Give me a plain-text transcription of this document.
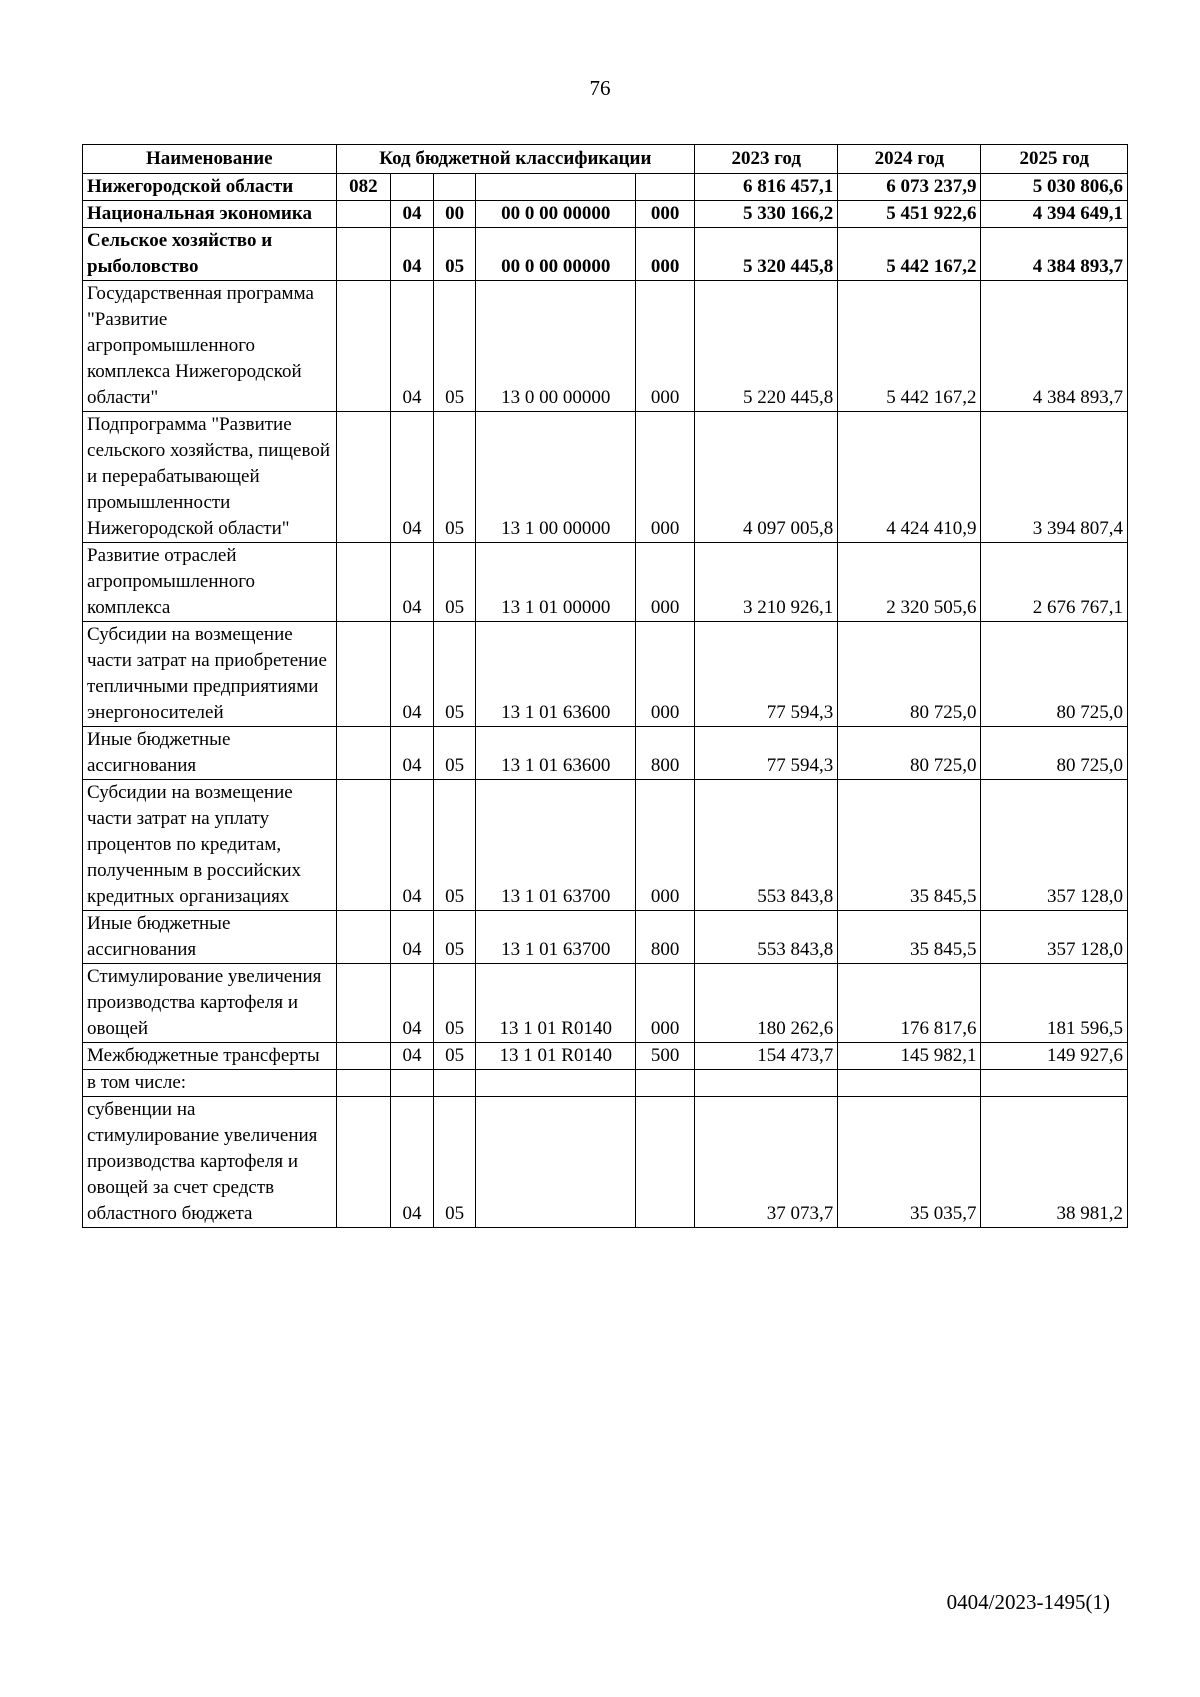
76
Наименование	Код бюджетной классификации					2023 год	2024 год	2025 год
Нижегородской области	082					6 816 457,1	6 073 237,9	5 030 806,6
Национальная экономика		04	00	00 0 00 00000	000	5 330 166,2	5 451 922,6	4 394 649,1
Сельское хозяйство и рыболовство		04	05	00 0 00 00000	000	5 320 445,8	5 442 167,2	4 384 893,7
Государственная программа "Развитие агропромышленного комплекса Нижегородской области"		04	05	13 0 00 00000	000	5 220 445,8	5 442 167,2	4 384 893,7
Подпрограмма "Развитие сельского хозяйства, пищевой и перерабатывающей промышленности Нижегородской области"		04	05	13 1 00 00000	000	4 097 005,8	4 424 410,9	3 394 807,4
Развитие отраслей агропромышленного комплекса		04	05	13 1 01 00000	000	3 210 926,1	2 320 505,6	2 676 767,1
Субсидии на возмещение части затрат на приобретение тепличными предприятиями энергоносителей		04	05	13 1 01 63600	000	77 594,3	80 725,0	80 725,0
Иные бюджетные ассигнования		04	05	13 1 01 63600	800	77 594,3	80 725,0	80 725,0
Субсидии на возмещение части затрат на уплату процентов по кредитам, полученным в российских кредитных организациях		04	05	13 1 01 63700	000	553 843,8	35 845,5	357 128,0
Иные бюджетные ассигнования		04	05	13 1 01 63700	800	553 843,8	35 845,5	357 128,0
Стимулирование увеличения производства картофеля и овощей		04	05	13 1 01 R0140	000	180 262,6	176 817,6	181 596,5
Межбюджетные трансферты		04	05	13 1 01 R0140	500	154 473,7	145 982,1	149 927,6
в том числе:								
субвенции на стимулирование увеличения производства картофеля и овощей за счет средств областного бюджета		04	05			37 073,7	35 035,7	38 981,2
0404/2023-1495(1)
